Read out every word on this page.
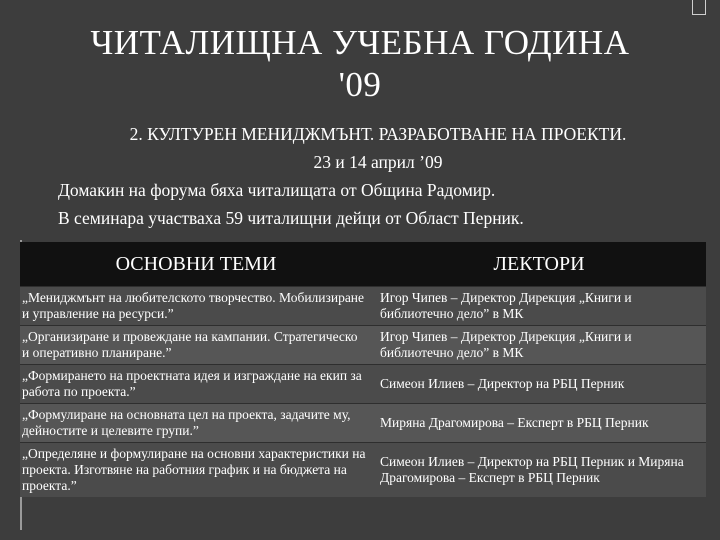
ЧИТАЛИЩНА УЧЕБНА ГОДИНА
'09
2. КУЛТУРЕН МЕНИДЖМЪНТ. РАЗРАБОТВАНЕ НА ПРОЕКТИ.
23 и 14 април ’09
Домакин на форума бяха читалищата от Община Радомир.
В семинара участваха 59 читалищни дейци от Област Перник.
ОСНОВНИ ТЕМИ	ЛЕКТОРИ
„Мениджмънт на любителското творчество. Мобилизиране и управление на ресурси.”	Игор Чипев – Директор Дирекция „Книги и библиотечно дело” в МК
„Организиране и провеждане на кампании. Стратегическо и оперативно планиране.”	Игор Чипев – Директор Дирекция „Книги и библиотечно дело” в МК
„Формирането на проектната идея и изграждане на екип за работа по проекта.”	Симеон Илиев – Директор на РБЦ Перник
„Формулиране на основната цел на проекта, задачите му, дейностите и целевите групи.”	Миряна Драгомирова – Експерт в РБЦ Перник
„Определяне и формулиране на основни характеристики на проекта. Изготвяне на работния график и на бюджета на проекта.”	Симеон Илиев – Директор на РБЦ Перник и Миряна Драгомирова – Експерт в РБЦ Перник
